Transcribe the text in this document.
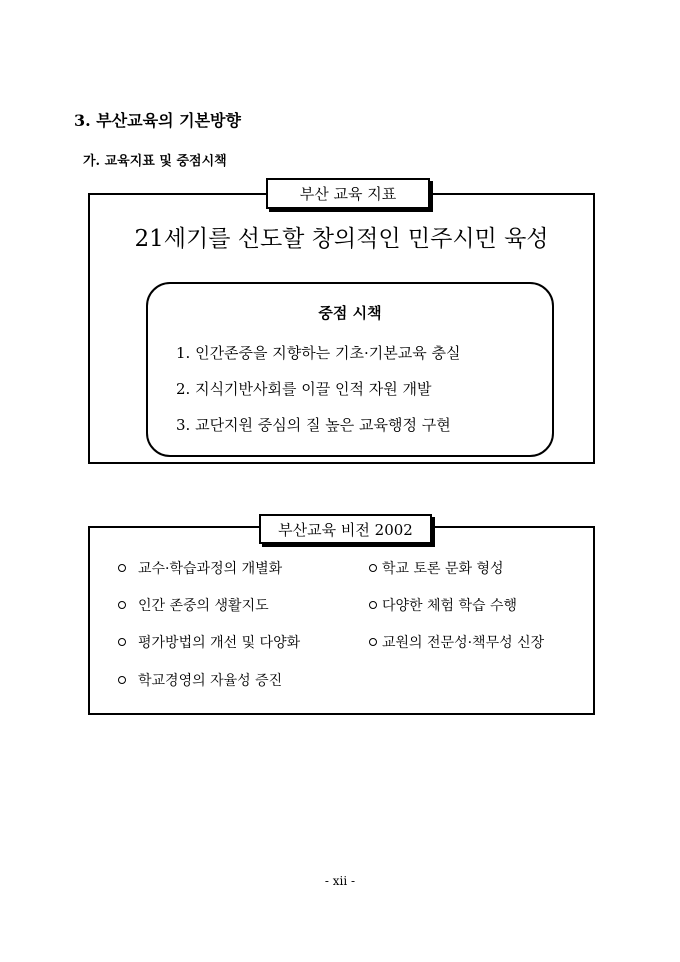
3. 부산교육의 기본방향
가. 교육지표 및 중점시책
부산 교육 지표
21세기를 선도할 창의적인 민주시민 육성
중점 시책
1. 인간존중을 지향하는 기초·기본교육 충실
2. 지식기반사회를 이끌 인적 자원 개발
3. 교단지원 중심의 질 높은 교육행정 구현
부산교육 비전 2002
교수·학습과정의 개별화
인간 존중의 생활지도
평가방법의 개선 및 다양화
학교경영의 자율성 증진
학교 토론 문화 형성
다양한 체험 학습 수행
교원의 전문성·책무성 신장
- xii -
